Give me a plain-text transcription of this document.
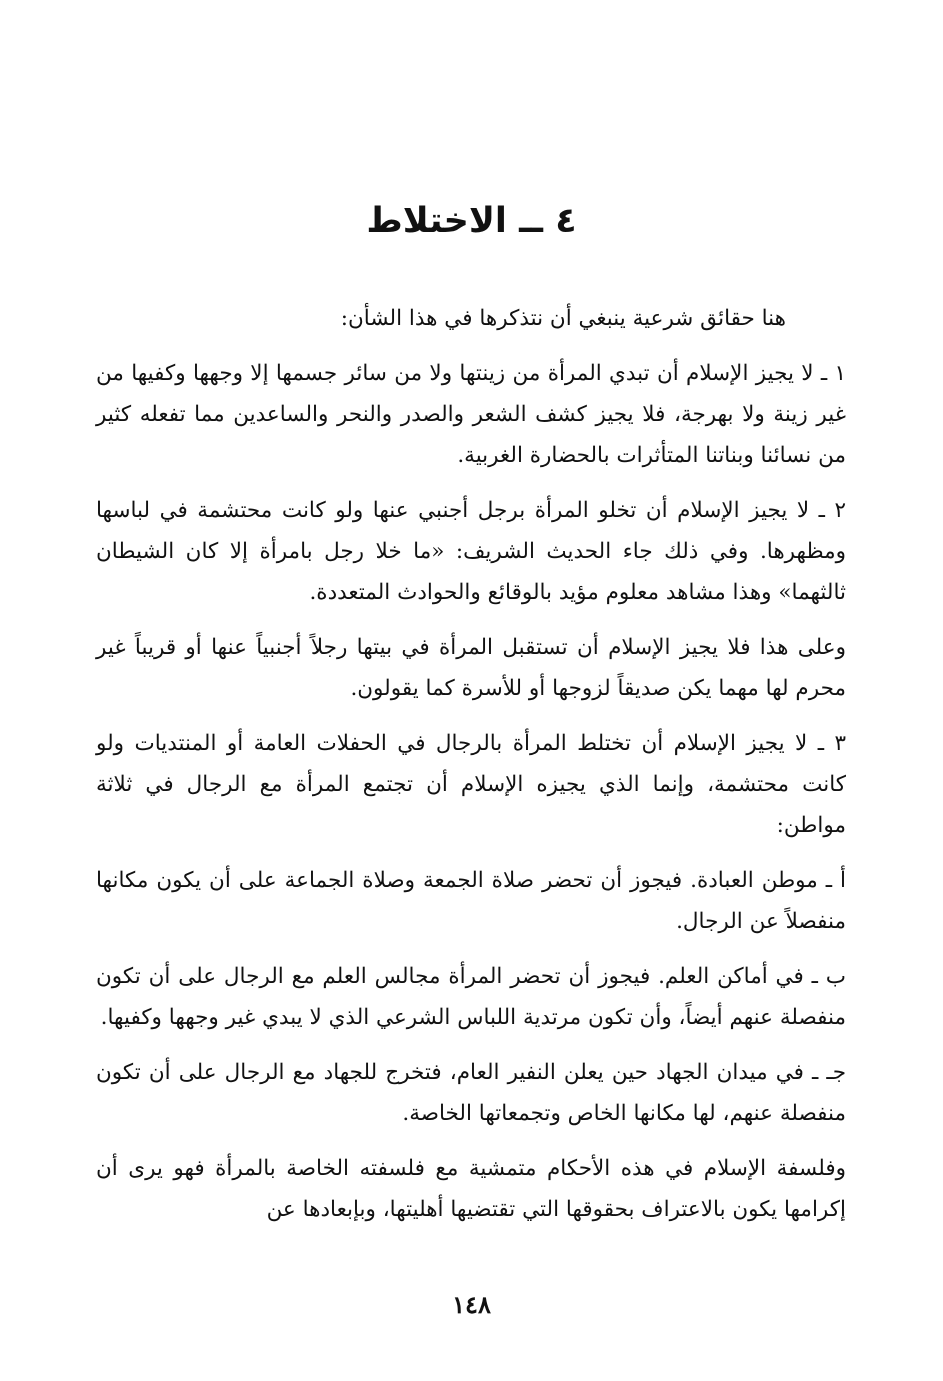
٤ ــ الاختلاط

هنا حقائق شرعية ينبغي أن نتذكرها في هذا الشأن:

١ ـ لا يجيز الإسلام أن تبدي المرأة من زينتها ولا من سائر جسمها إلا وجهها وكفيها من غير زينة ولا بهرجة، فلا يجيز كشف الشعر والصدر والنحر والساعدين مما تفعله كثير من نسائنا وبناتنا المتأثرات بالحضارة الغربية.

٢ ـ لا يجيز الإسلام أن تخلو المرأة برجل أجنبي عنها ولو كانت محتشمة في لباسها ومظهرها. وفي ذلك جاء الحديث الشريف: «ما خلا رجل بامرأة إلا كان الشيطان ثالثهما» وهذا مشاهد معلوم مؤيد بالوقائع والحوادث المتعددة.

وعلى هذا فلا يجيز الإسلام أن تستقبل المرأة في بيتها رجلاً أجنبياً عنها أو قريباً غير محرم لها مهما يكن صديقاً لزوجها أو للأسرة كما يقولون.

٣ ـ لا يجيز الإسلام أن تختلط المرأة بالرجال في الحفلات العامة أو المنتديات ولو كانت محتشمة، وإنما الذي يجيزه الإسلام أن تجتمع المرأة مع الرجال في ثلاثة مواطن:

أ ـ موطن العبادة. فيجوز أن تحضر صلاة الجمعة وصلاة الجماعة على أن يكون مكانها منفصلاً عن الرجال.

ب ـ في أماكن العلم. فيجوز أن تحضر المرأة مجالس العلم مع الرجال على أن تكون منفصلة عنهم أيضاً، وأن تكون مرتدية اللباس الشرعي الذي لا يبدي غير وجهها وكفيها.

جـ ـ في ميدان الجهاد حين يعلن النفير العام، فتخرج للجهاد مع الرجال على أن تكون منفصلة عنهم، لها مكانها الخاص وتجمعاتها الخاصة.

وفلسفة الإسلام في هذه الأحكام متمشية مع فلسفته الخاصة بالمرأة فهو يرى أن إكرامها يكون بالاعتراف بحقوقها التي تقتضيها أهليتها، وبإبعادها عن

١٤٨
